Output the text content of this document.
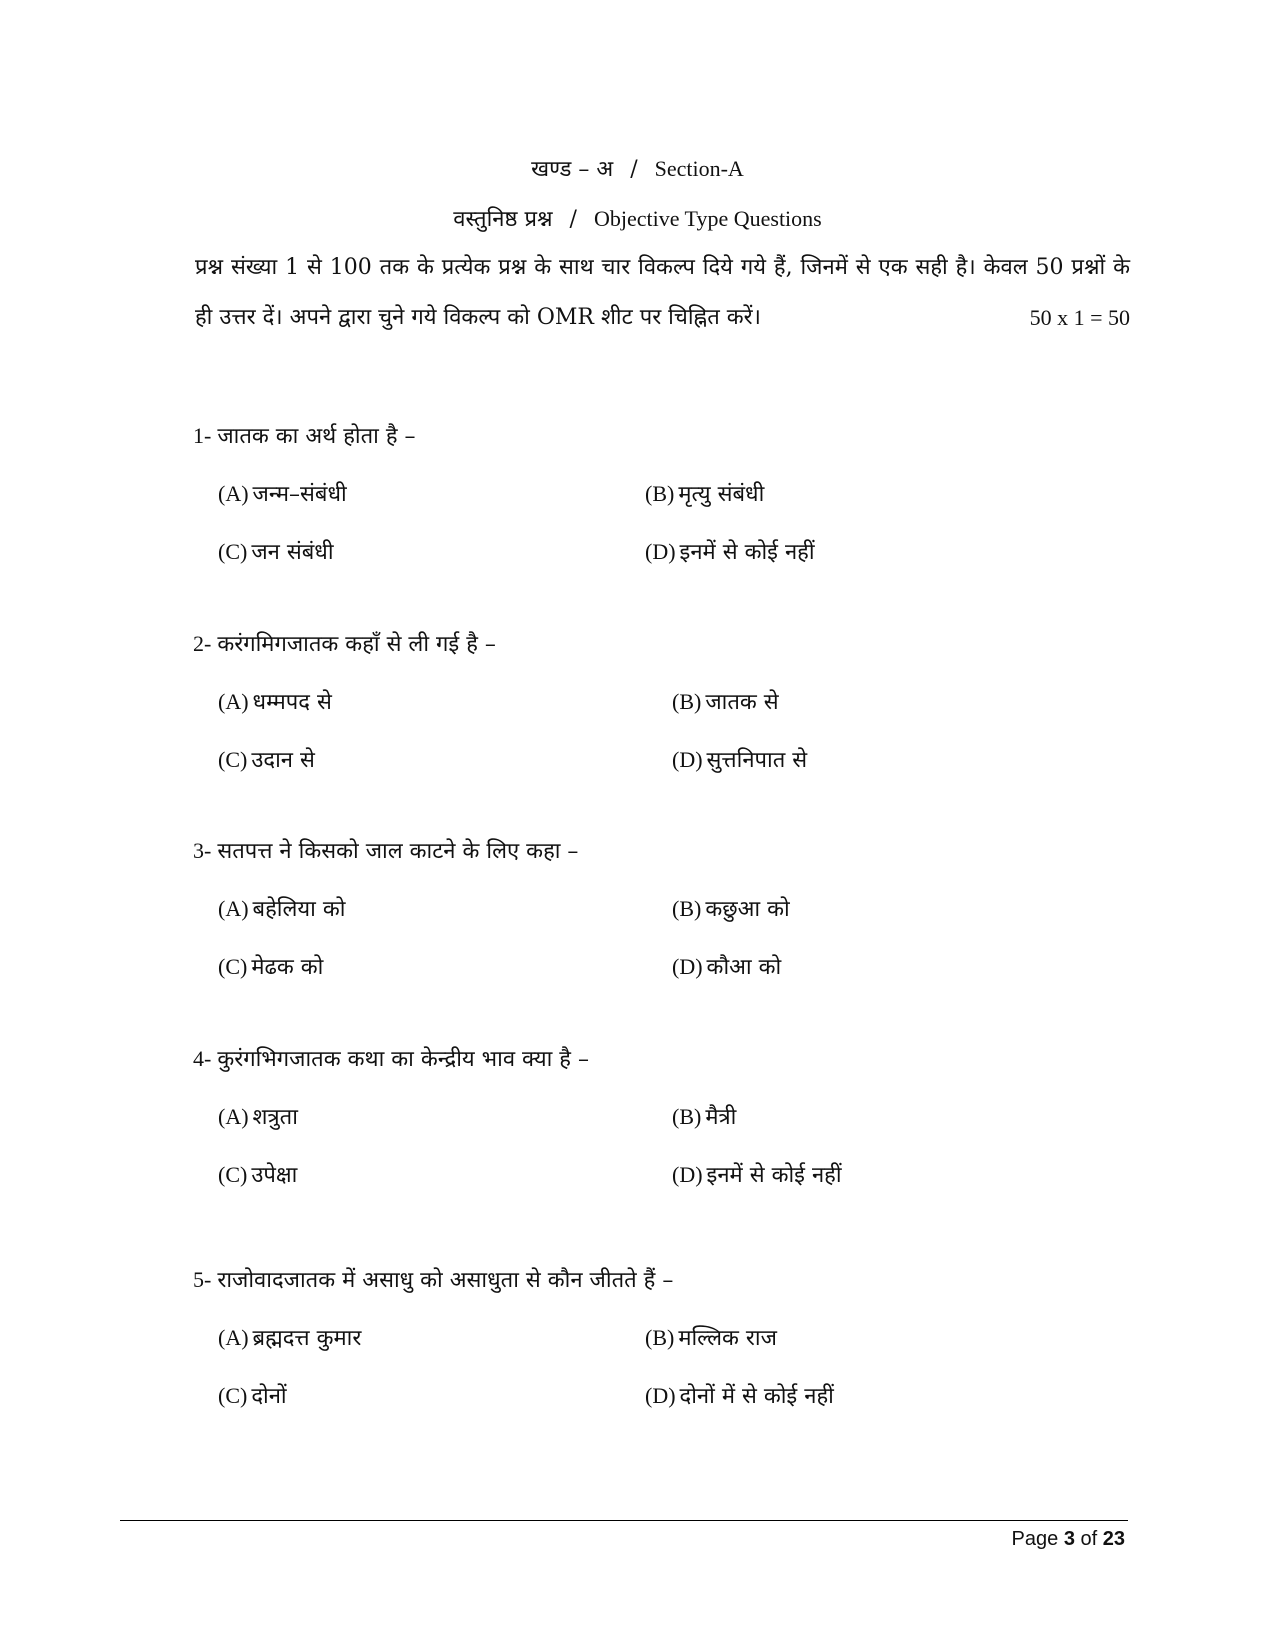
खण्ड – अ / Section-A
वस्तुनिष्ठ प्रश्न / Objective Type Questions
प्रश्न संख्या 1 से 100 तक के प्रत्येक प्रश्न के साथ चार विकल्प दिये गये हैं, जिनमें से एक सही है। केवल 50 प्रश्नों के ही उत्तर दें। अपने द्वारा चुने गये विकल्प को OMR शीट पर चिह्नित करें।	50 x 1 = 50
1- जातक का अर्थ होता है –
(A) जन्म–संबंधी	(B) मृत्यु संबंधी
(C) जन संबंधी	(D) इनमें से कोई नहीं
2- करंगमिगजातक कहाँ से ली गई है –
(A) धम्मपद से	(B) जातक से
(C) उदान से	(D) सुत्तनिपात से
3- सतपत्त ने किसको जाल काटने के लिए कहा –
(A) बहेलिया को	(B) कछुआ को
(C) मेढक को	(D) कौआ को
4- कुरंगभिगजातक कथा का केन्द्रीय भाव क्या है –
(A) शत्रुता	(B) मैत्री
(C) उपेक्षा	(D) इनमें से कोई नहीं
5- राजोवादजातक में असाधु को असाधुता से कौन जीतते हैं –
(A) ब्रह्मदत्त कुमार	(B) मल्लिक राज
(C) दोनों	(D) दोनों में से कोई नहीं
Page 3 of 23
